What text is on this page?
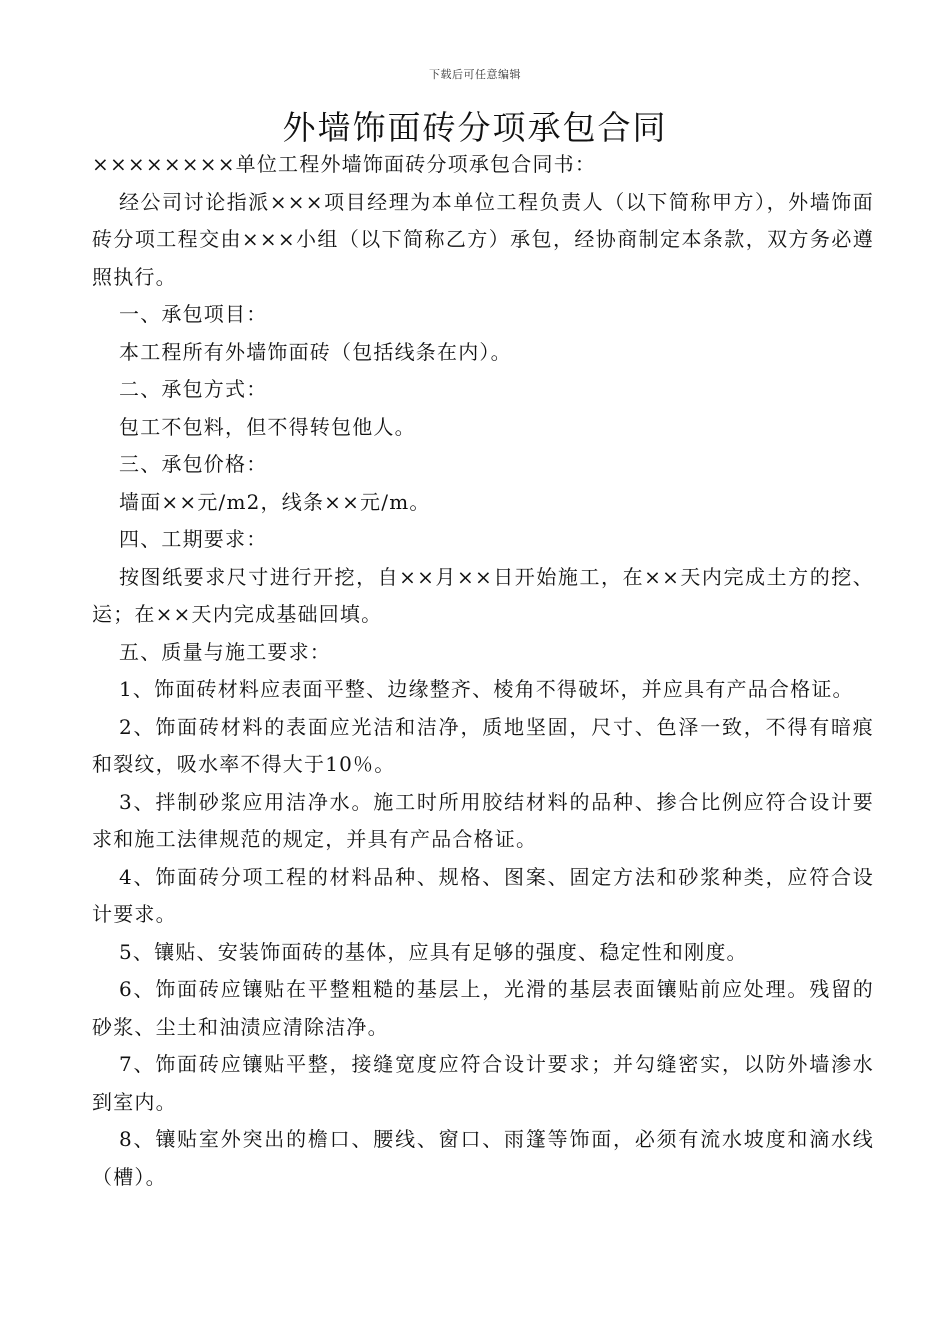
下载后可任意编辑
外墙饰面砖分项承包合同

××××××××单位工程外墙饰面砖分项承包合同书：

经公司讨论指派×××项目经理为本单位工程负责人（以下简称甲方），外墙饰面砖分项工程交由×××小组（以下简称乙方）承包，经协商制定本条款，双方务必遵照执行。

一、承包项目：

本工程所有外墙饰面砖（包括线条在内）。

二、承包方式：

包工不包料，但不得转包他人。

三、承包价格：

墙面××元/m2，线条××元/m。

四、工期要求：

按图纸要求尺寸进行开挖，自××月××日开始施工，在××天内完成土方的挖、运；在××天内完成基础回填。

五、质量与施工要求：

1、饰面砖材料应表面平整、边缘整齐、棱角不得破坏，并应具有产品合格证。

2、饰面砖材料的表面应光洁和洁净，质地坚固，尺寸、色泽一致，不得有暗痕和裂纹，吸水率不得大于10％。

3、拌制砂浆应用洁净水。施工时所用胶结材料的品种、掺合比例应符合设计要求和施工法律规范的规定，并具有产品合格证。

4、饰面砖分项工程的材料品种、规格、图案、固定方法和砂浆种类，应符合设计要求。

5、镶贴、安装饰面砖的基体，应具有足够的强度、稳定性和刚度。

6、饰面砖应镶贴在平整粗糙的基层上，光滑的基层表面镶贴前应处理。残留的砂浆、尘土和油渍应清除洁净。

7、饰面砖应镶贴平整，接缝宽度应符合设计要求；并勾缝密实，以防外墙渗水到室内。

8、镶贴室外突出的檐口、腰线、窗口、雨篷等饰面，必须有流水坡度和滴水线（槽）。
